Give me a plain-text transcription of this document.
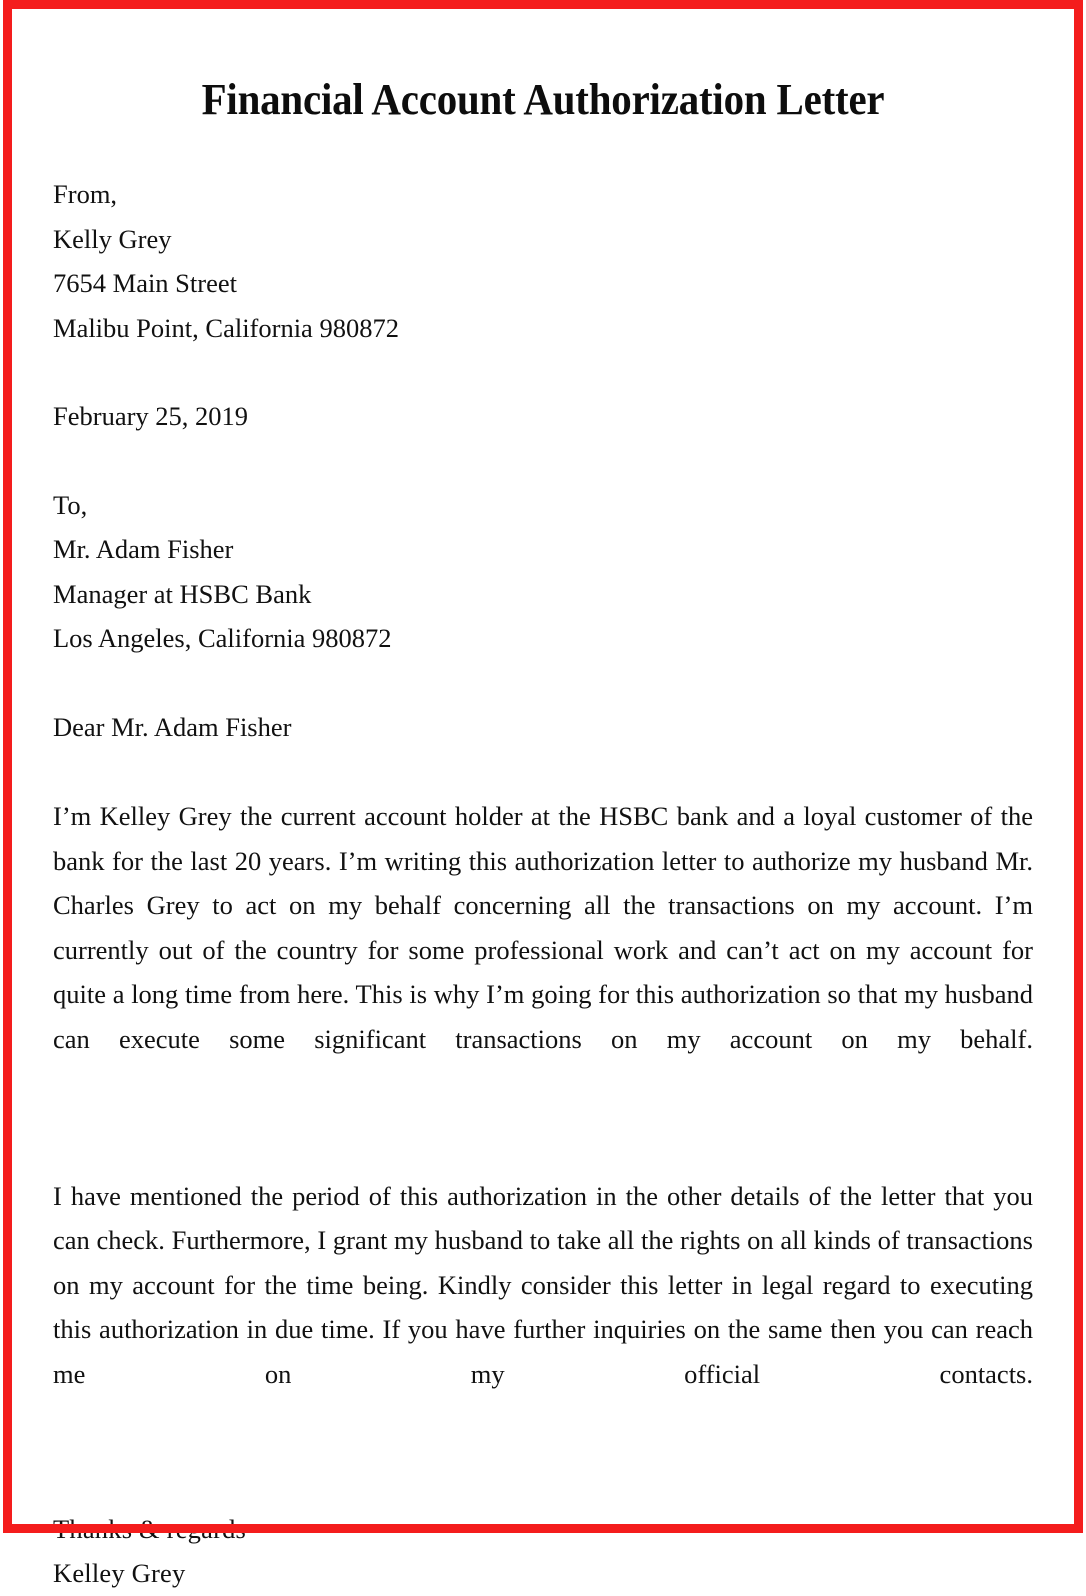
Financial Account Authorization Letter
From,
Kelly Grey
7654 Main Street
Malibu Point, California 980872
February 25, 2019
To,
Mr. Adam Fisher
Manager at HSBC Bank
Los Angeles, California 980872
Dear Mr. Adam Fisher

I’m Kelley Grey the current account holder at the HSBC bank and a loyal customer of the bank for the last 20 years. I’m writing this authorization letter to authorize my husband Mr. Charles Grey to act on my behalf concerning all the transactions on my account. I’m currently out of the country for some professional work and can’t act on my account for quite a long time from here. This is why I’m going for this authorization so that my husband can execute some significant transactions on my account on my behalf.

I have mentioned the period of this authorization in the other details of the letter that you can check. Furthermore, I grant my husband to take all the rights on all kinds of transactions on my account for the time being. Kindly consider this letter in legal regard to executing this authorization in due time. If you have further inquiries on the same then you can reach me on my official contacts.

Thanks & regards
Kelley Grey
